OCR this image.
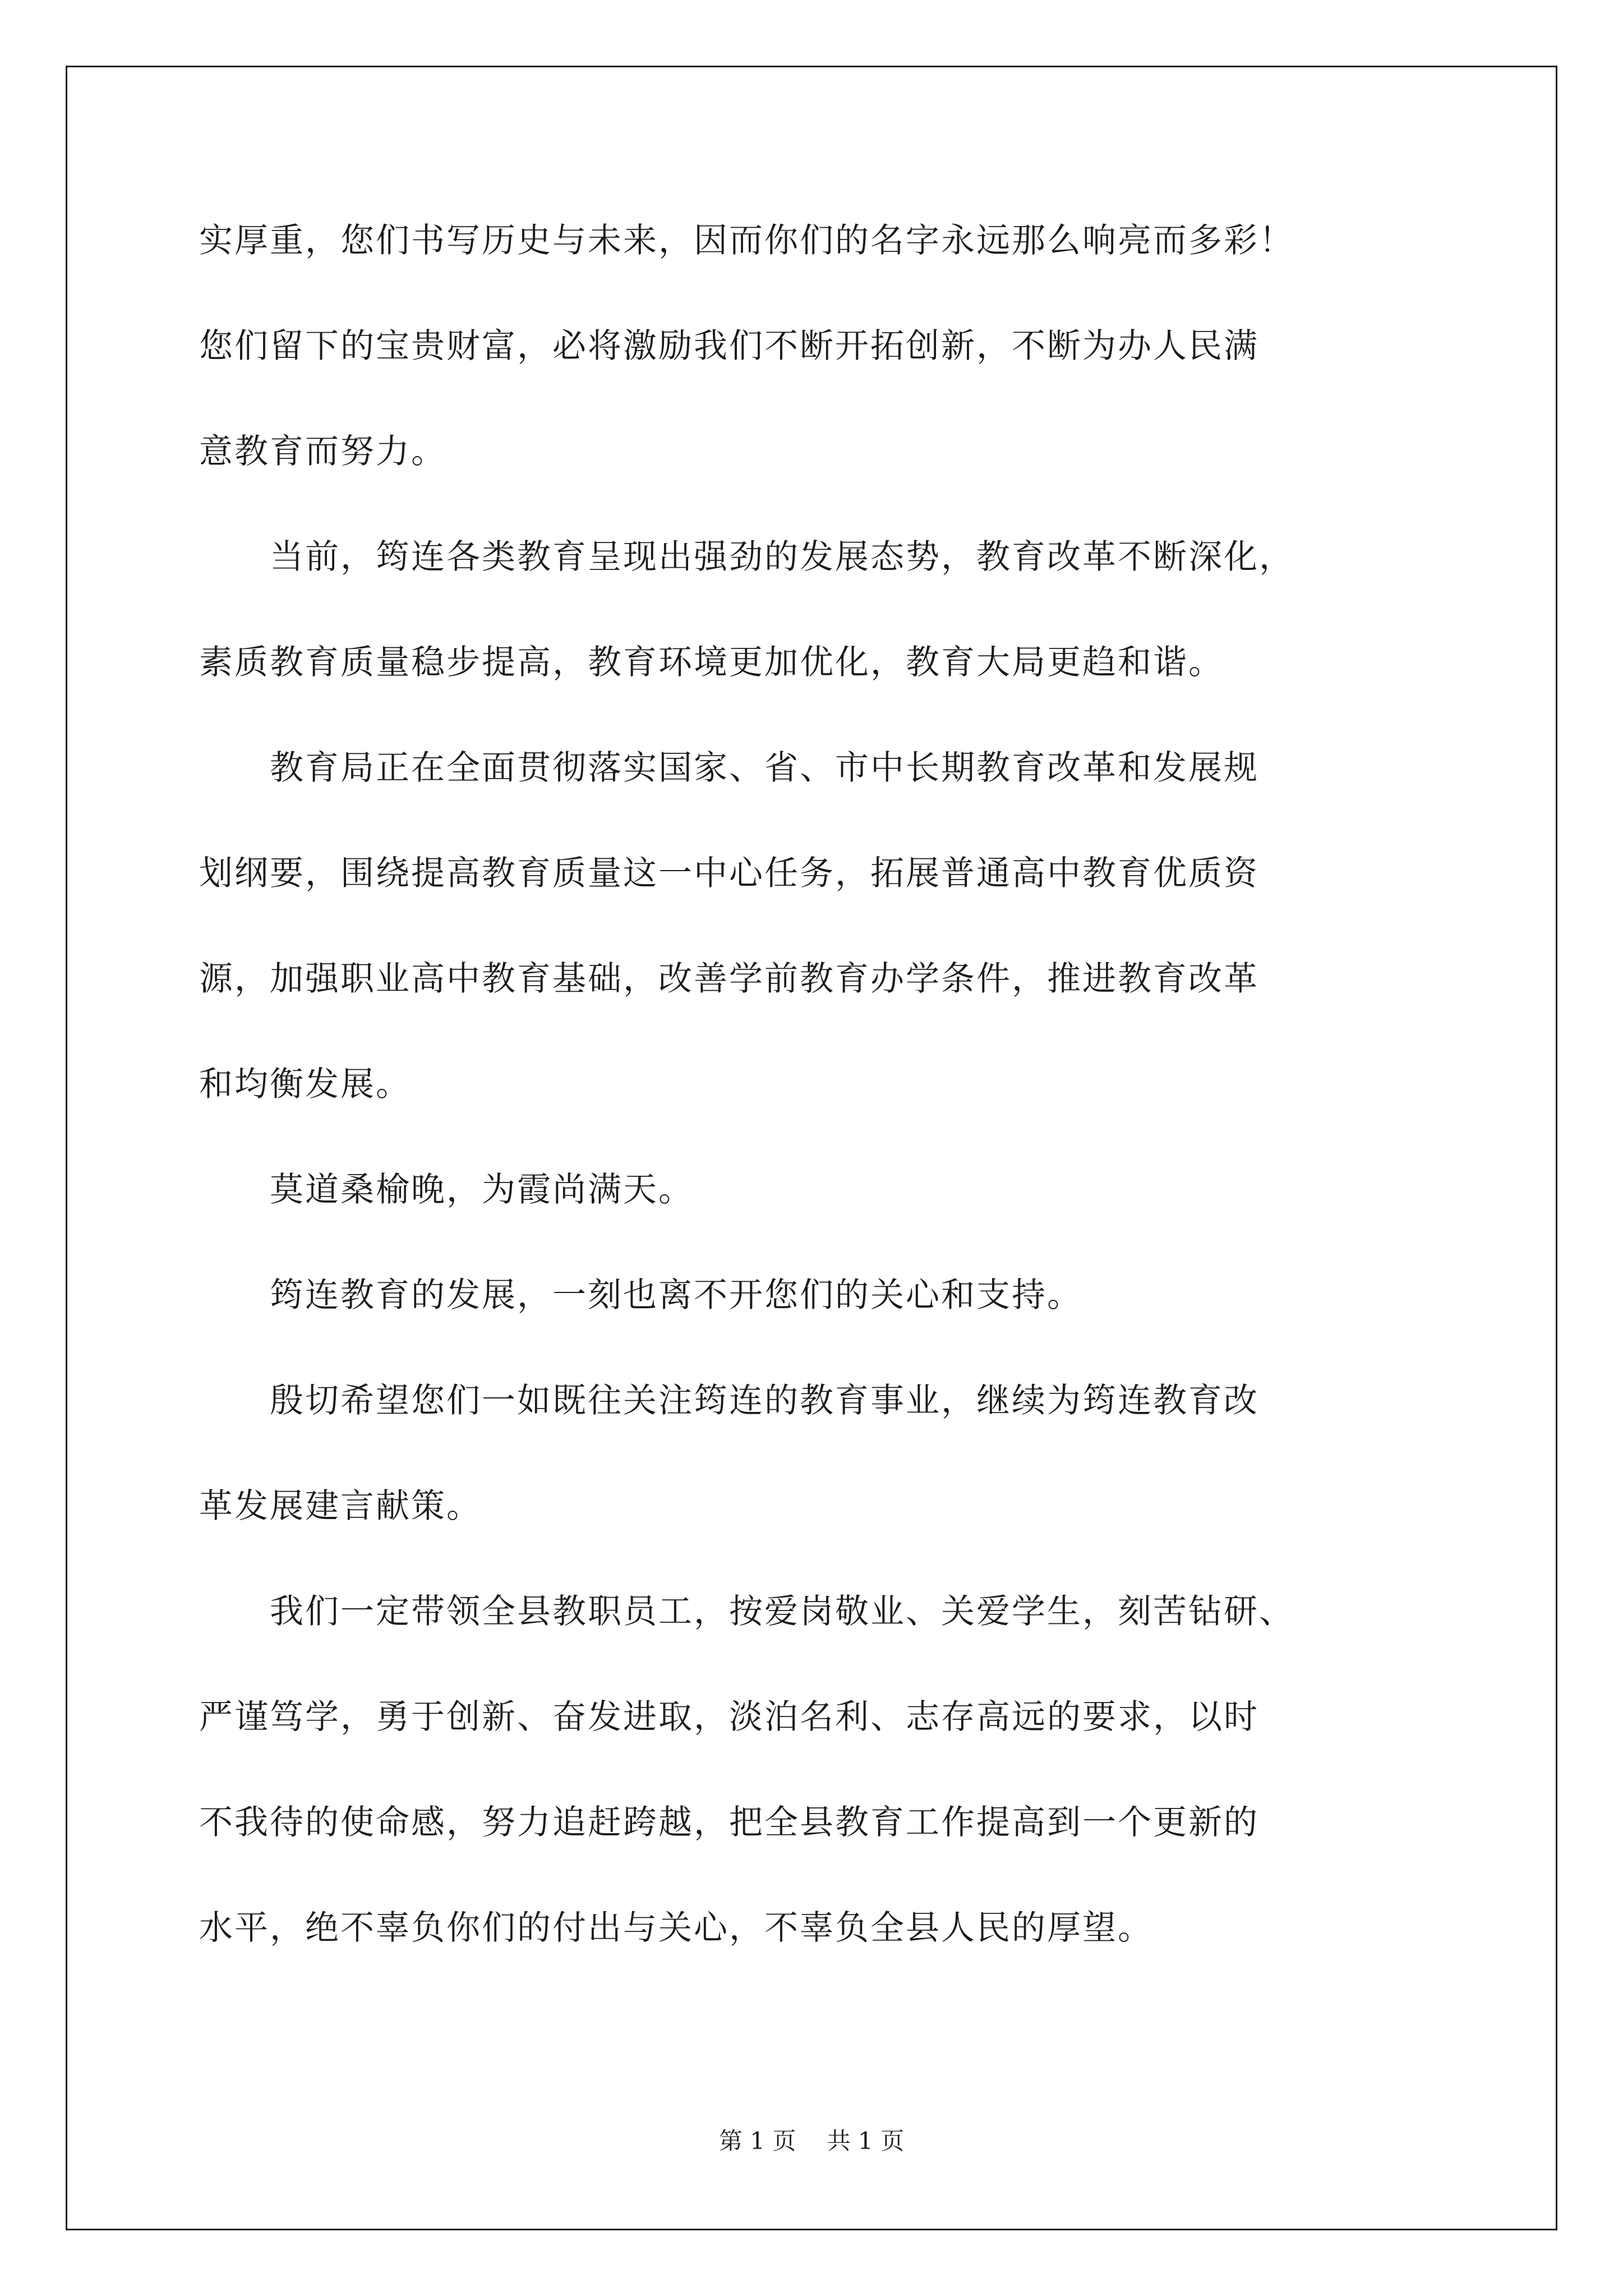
实厚重，您们书写历史与未来，因而你们的名字永远那么响亮而多彩！
您们留下的宝贵财富，必将激励我们不断开拓创新，不断为办人民满
意教育而努力。
　　当前，筠连各类教育呈现出强劲的发展态势，教育改革不断深化，
素质教育质量稳步提高，教育环境更加优化，教育大局更趋和谐。
　　教育局正在全面贯彻落实国家、省、市中长期教育改革和发展规
划纲要，围绕提高教育质量这一中心任务，拓展普通高中教育优质资
源，加强职业高中教育基础，改善学前教育办学条件，推进教育改革
和均衡发展。
　　莫道桑榆晚，为霞尚满天。
　　筠连教育的发展，一刻也离不开您们的关心和支持。
　　殷切希望您们一如既往关注筠连的教育事业，继续为筠连教育改
革发展建言献策。
　　我们一定带领全县教职员工，按爱岗敬业、关爱学生，刻苦钻研、
严谨笃学，勇于创新、奋发进取，淡泊名利、志存高远的要求，以时
不我待的使命感，努力追赶跨越，把全县教育工作提高到一个更新的
水平，绝不辜负你们的付出与关心，不辜负全县人民的厚望。
第 1 页　 共 1 页
